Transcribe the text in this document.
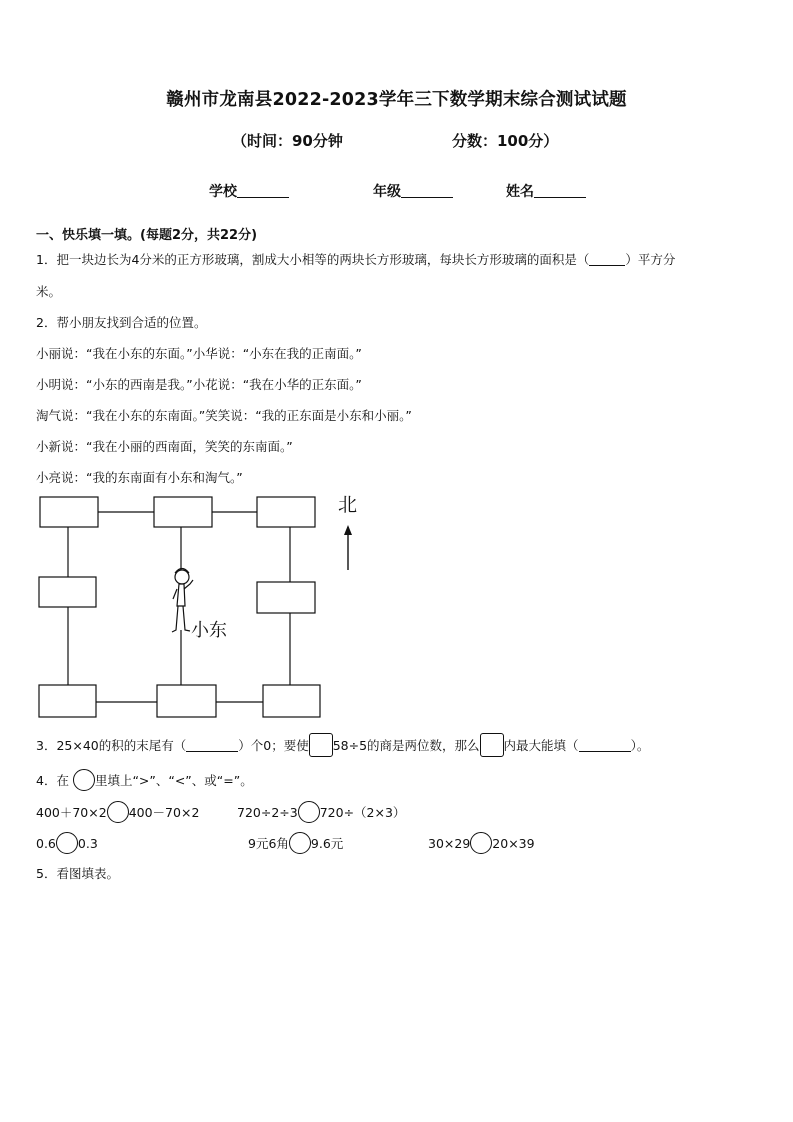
赣州市龙南县2022-2023学年三下数学期末综合测试试题
（时间：90分钟	分数：100分）
学校	年级	姓名
一、快乐填一填。(每题2分，共22分)
1．把一块边长为4分米的正方形玻璃，割成大小相等的两块长方形玻璃，每块长方形玻璃的面积是（	）平方分
米。
2．帮小朋友找到合适的位置。
小丽说：“我在小东的东面。”小华说：“小东在我的正南面。”
小明说：“小东的西南是我。”小花说：“我在小华的正东面。”
淘气说：“我在小东的东南面。”笑笑说：“我的正东面是小东和小丽。”
小新说：“我在小丽的西南面，笑笑的东南面。”
小亮说：“我的东南面有小东和淘气。”
小东
北
3．25×40的积的末尾有（	）个0；要使 58÷5的商是两位数，那么 内最大能填（	）。
4．在 里填上“>”、“<”、或“=”。
400＋70×2 400－70×2	720÷2÷3 720÷（2×3）
0.6 0.3	9元6角 9.6元	30×29 20×39
5．看图填表。
